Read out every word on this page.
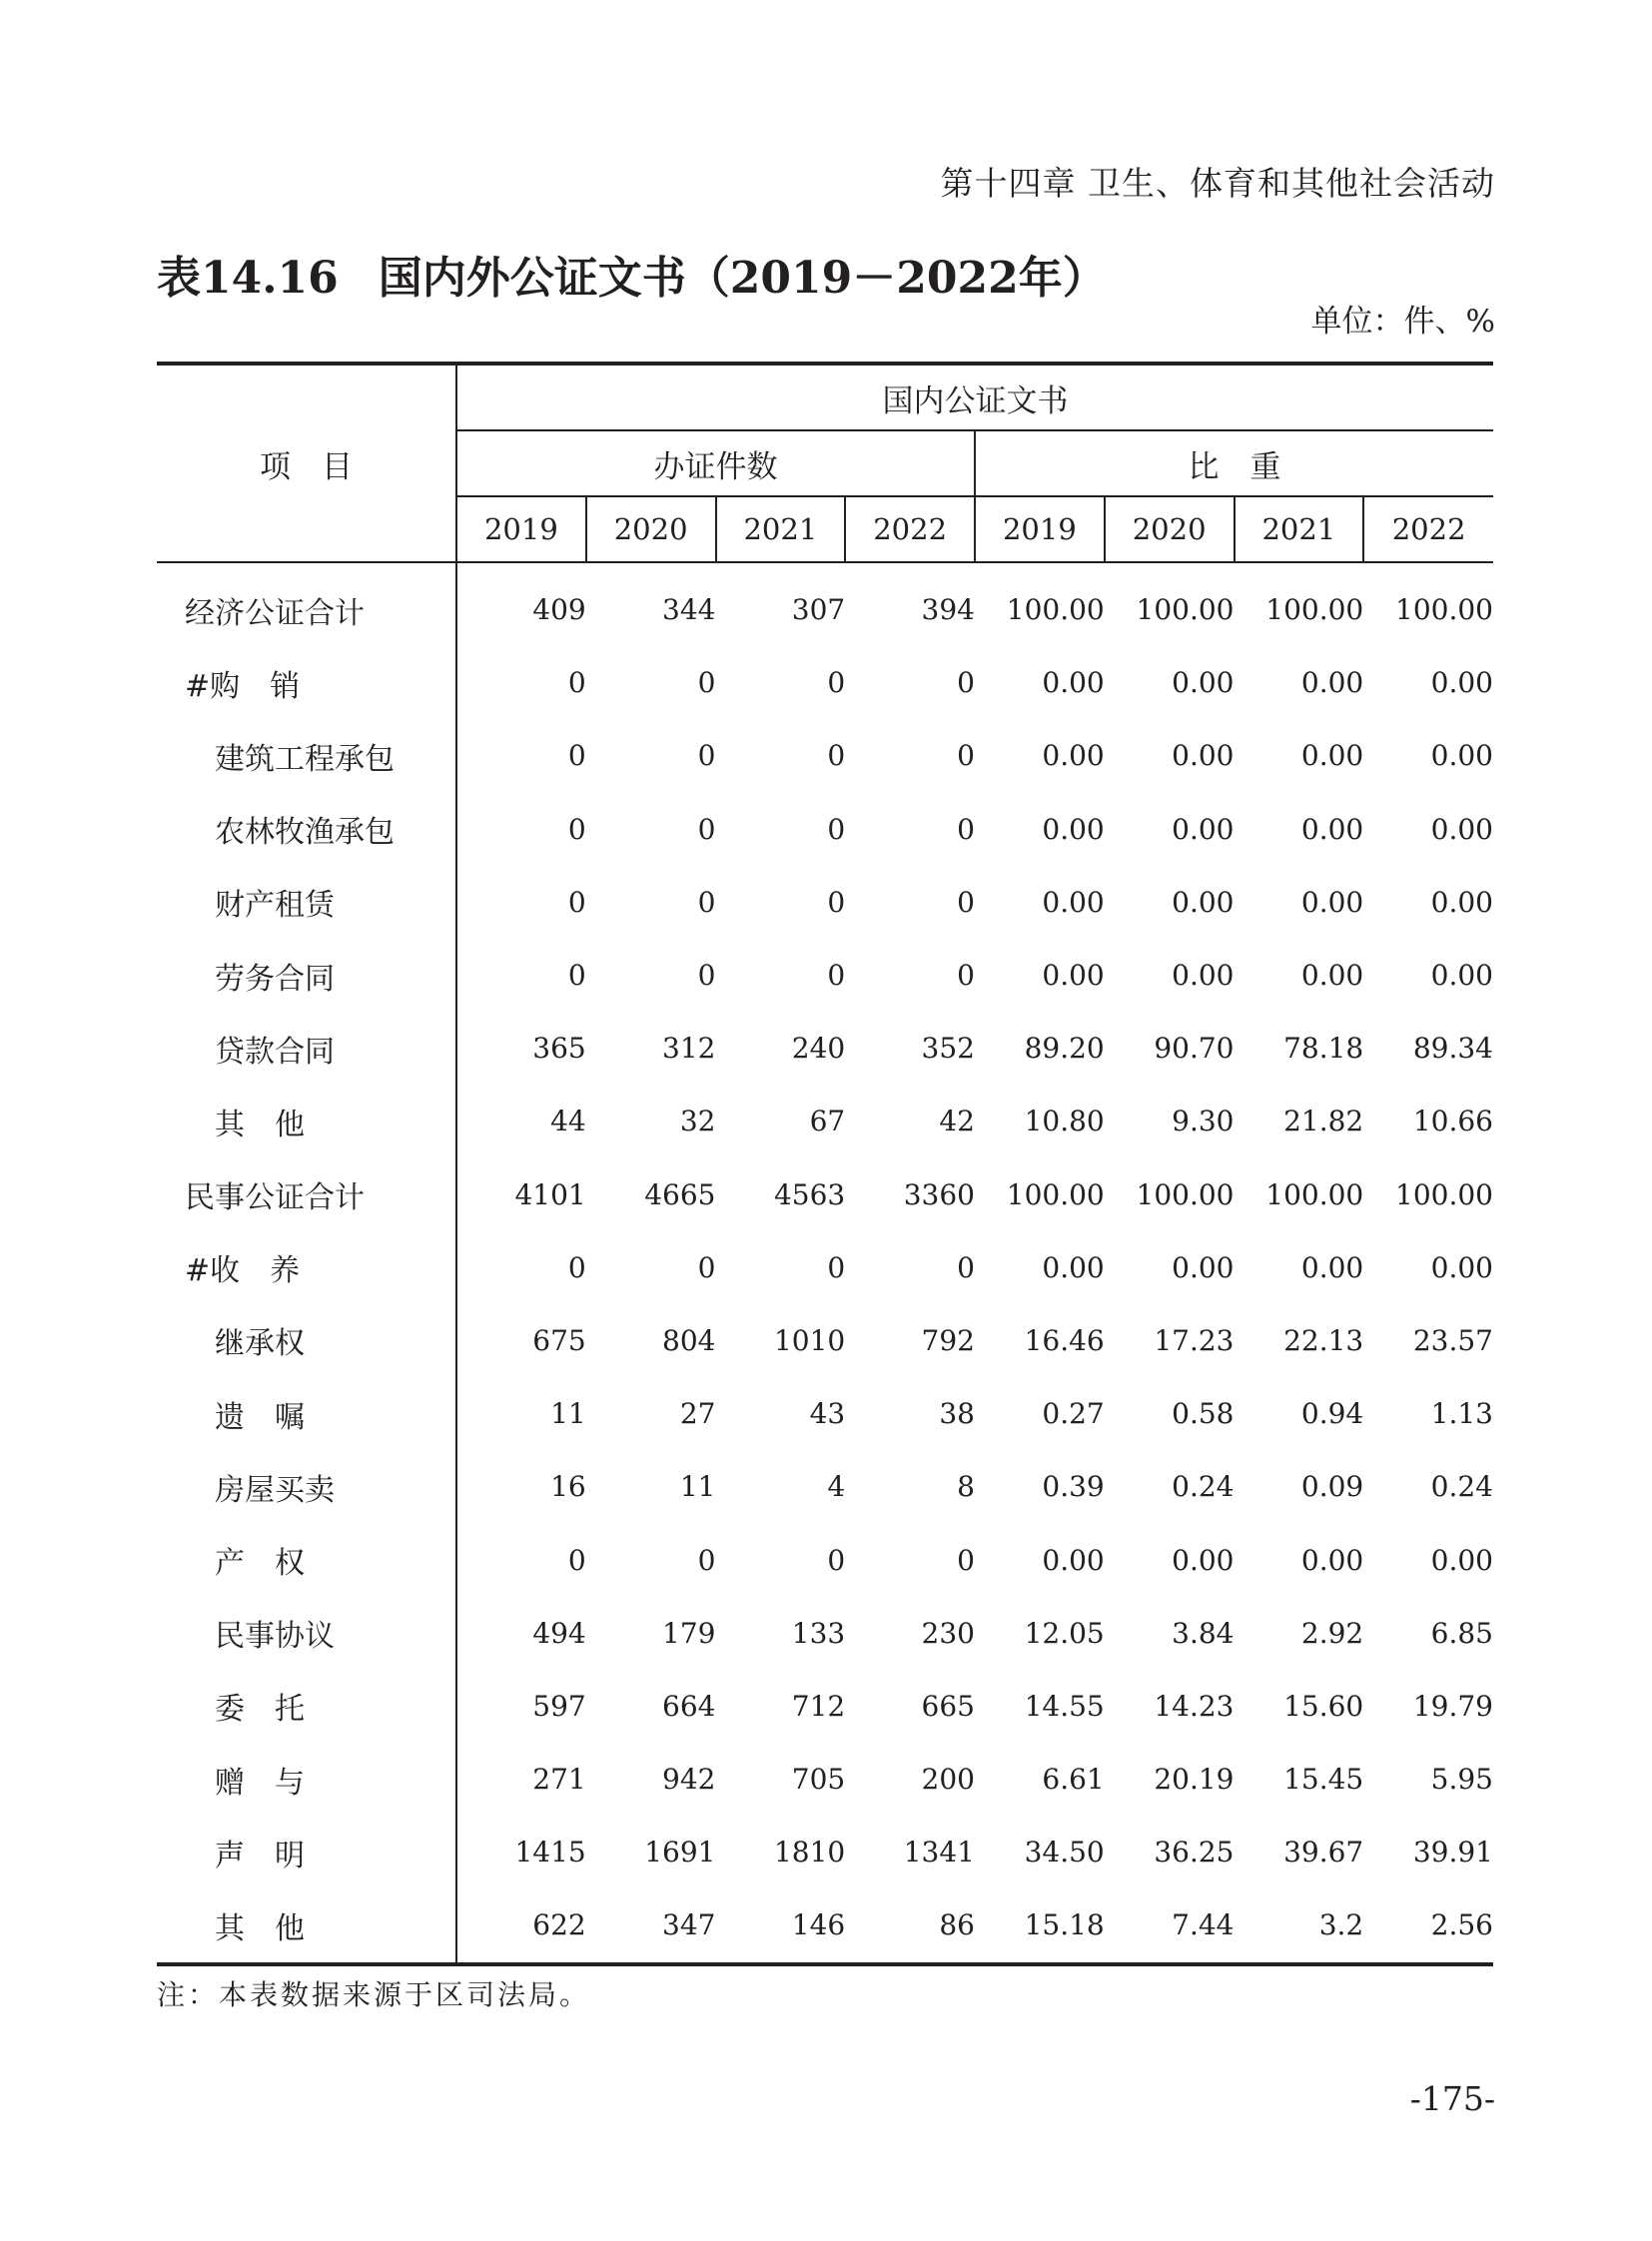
第十四章 卫生、体育和其他社会活动
表14.16 国内外公证文书（2019－2022年）
单位：件、%
项　目	国内公证文书							
	办证件数				比　重			
	2019	2020	2021	2022	2019	2020	2021	2022
经济公证合计	409	344	307	394	100.00	100.00	100.00	100.00
#购　销	0	0	0	0	0.00	0.00	0.00	0.00
建筑工程承包	0	0	0	0	0.00	0.00	0.00	0.00
农林牧渔承包	0	0	0	0	0.00	0.00	0.00	0.00
财产租赁	0	0	0	0	0.00	0.00	0.00	0.00
劳务合同	0	0	0	0	0.00	0.00	0.00	0.00
贷款合同	365	312	240	352	89.20	90.70	78.18	89.34
其　他	44	32	67	42	10.80	9.30	21.82	10.66
民事公证合计	4101	4665	4563	3360	100.00	100.00	100.00	100.00
#收　养	0	0	0	0	0.00	0.00	0.00	0.00
继承权	675	804	1010	792	16.46	17.23	22.13	23.57
遗　嘱	11	27	43	38	0.27	0.58	0.94	1.13
房屋买卖	16	11	4	8	0.39	0.24	0.09	0.24
产　权	0	0	0	0	0.00	0.00	0.00	0.00
民事协议	494	179	133	230	12.05	3.84	2.92	6.85
委　托	597	664	712	665	14.55	14.23	15.60	19.79
赠　与	271	942	705	200	6.61	20.19	15.45	5.95
声　明	1415	1691	1810	1341	34.50	36.25	39.67	39.91
其　他	622	347	146	86	15.18	7.44	3.2	2.56
注：本表数据来源于区司法局。
-175-
